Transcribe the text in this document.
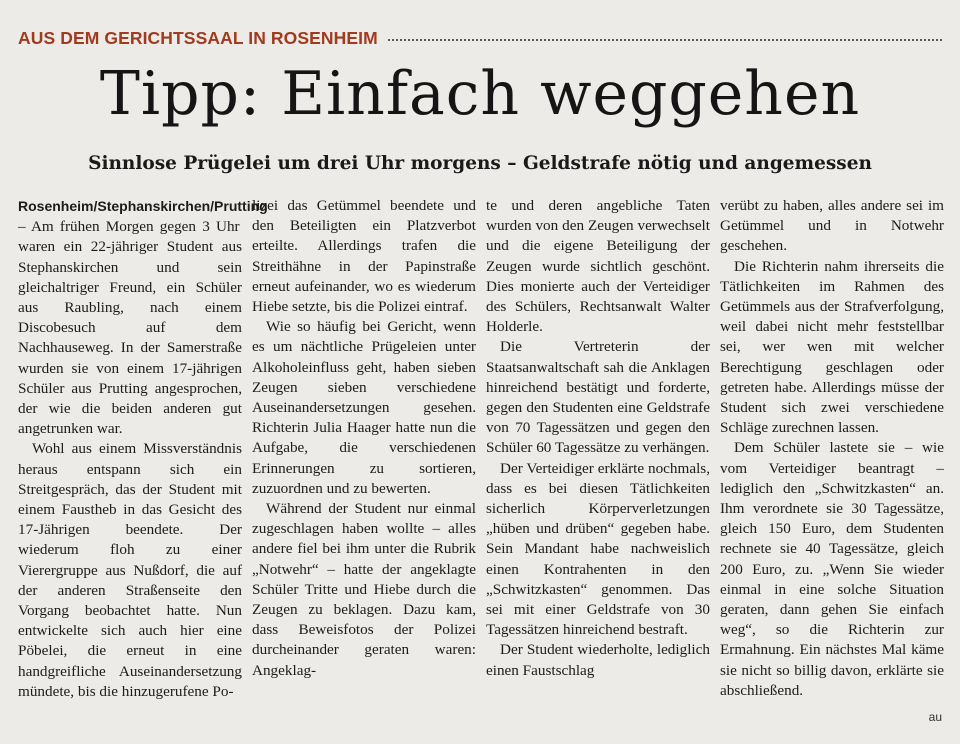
AUS DEM GERICHTSSAAL IN ROSENHEIM
Tipp: Einfach weggehen
Sinnlose Prügelei um drei Uhr morgens – Geldstrafe nötig und angemessen

Rosenheim/Stephanskirchen/Prutting – Am frühen Morgen gegen 3 Uhr waren ein 22-jähriger Student aus Stephanskirchen und sein gleichaltriger Freund, ein Schüler aus Raubling, nach einem Discobesuch auf dem Nachhauseweg. In der Samerstraße wurden sie von einem 17-jährigen Schüler aus Prutting angesprochen, der wie die beiden anderen gut angetrunken war.

Wohl aus einem Missverständnis heraus entspann sich ein Streitgespräch, das der Student mit einem Faustheb in das Gesicht des 17-Jährigen beendete. Der wiederum floh zu einer Vierergruppe aus Nußdorf, die auf der anderen Straßenseite den Vorgang beobachtet hatte. Nun entwickelte sich auch hier eine Pöbelei, die erneut in eine handgreifliche Auseinandersetzung mündete, bis die hinzugerufene Po-

lizei das Getümmel beendete und den Beteiligten ein Platzverbot erteilte. Allerdings trafen die Streithähne in der Papinstraße erneut aufeinander, wo es wiederum Hiebe setzte, bis die Polizei eintraf.

Wie so häufig bei Gericht, wenn es um nächtliche Prügeleien unter Alkoholeinfluss geht, haben sieben Zeugen sieben verschiedene Auseinandersetzungen gesehen. Richterin Julia Haager hatte nun die Aufgabe, die verschiedenen Erinnerungen zu sortieren, zuzuordnen und zu bewerten.

Während der Student nur einmal zugeschlagen haben wollte – alles andere fiel bei ihm unter die Rubrik „Notwehr“ – hatte der angeklagte Schüler Tritte und Hiebe durch die Zeugen zu beklagen. Dazu kam, dass Beweisfotos der Polizei durcheinander geraten waren: Angeklag-

te und deren angebliche Taten wurden von den Zeugen verwechselt und die eigene Beteiligung der Zeugen wurde sichtlich geschönt. Dies monierte auch der Verteidiger des Schülers, Rechtsanwalt Walter Holderle.

Die Vertreterin der Staatsanwaltschaft sah die Anklagen hinreichend bestätigt und forderte, gegen den Studenten eine Geldstrafe von 70 Tagessätzen und gegen den Schüler 60 Tagessätze zu verhängen.

Der Verteidiger erklärte nochmals, dass es bei diesen Tätlichkeiten sicherlich Körperverletzungen „hüben und drüben“ gegeben habe. Sein Mandant habe nachweislich einen Kontrahenten in den „Schwitzkasten“ genommen. Das sei mit einer Geldstrafe von 30 Tagessätzen hinreichend bestraft.

Der Student wiederholte, lediglich einen Faustschlag

verübt zu haben, alles andere sei im Getümmel und in Notwehr geschehen.

Die Richterin nahm ihrerseits die Tätlichkeiten im Rahmen des Getümmels aus der Strafverfolgung, weil dabei nicht mehr feststellbar sei, wer wen mit welcher Berechtigung geschlagen oder getreten habe. Allerdings müsse der Student sich zwei verschiedene Schläge zurechnen lassen.

Dem Schüler lastete sie – wie vom Verteidiger beantragt – lediglich den „Schwitzkasten“ an. Ihm verordnete sie 30 Tagessätze, gleich 150 Euro, dem Studenten rechnete sie 40 Tagessätze, gleich 200 Euro, zu. „Wenn Sie wieder einmal in eine solche Situation geraten, dann gehen Sie einfach weg“, so die Richterin zur Ermahnung. Ein nächstes Mal käme sie nicht so billig davon, erklärte sie abschließend.

au
